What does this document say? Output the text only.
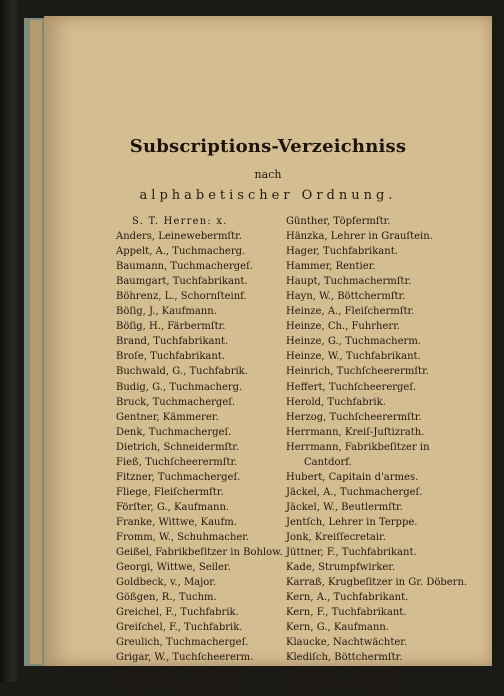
Subscriptions-Verzeichniss
nach
alphabetischer Ordnung.
S. T. Herren: x.
Anders, Leinewebermſtr.
Appelt, A., Tuchmacherg.
Baumann, Tuchmachergeſ.
Baumgart, Tuchfabrikant.
Böhrenz, L., Schornſteinf.
Böſig, J., Kaufmann.
Böſig, H., Färbermſtr.
Brand, Tuchfabrikant.
Broſe, Tuchfabrikant.
Buchwald, G., Tuchfabrik.
Budig, G., Tuchmacherg.
Bruck, Tuchmachergeſ.
Gentner, Kämmerer.
Denk, Tuchmachergeſ.
Dietrich, Schneidermſtr.
Fieß, Tuchſcheerermſtr.
Fitzner, Tuchmachergeſ.
Fliege, Fleiſchermſtr.
Förſter, G., Kaufmann.
Franke, Wittwe, Kaufm.
Fromm, W., Schuhmacher.
Geißel, Fabrikbeſitzer in Bohlow.
Georgi, Wittwe, Seiler.
Goldbeck, v., Major.
Gößgen, R., Tuchm.
Greichel, F., Tuchfabrik.
Greiſchel, F., Tuchfabrik.
Greulich, Tuchmachergeſ.
Grigar, W., Tuchſcheererm.
Großpäpſch, Schloſſermſtr.
Gündel, F., Tuchfabrikant.
Günther, Töpfermſtr.
Hänzka, Lehrer in Grauſtein.
Hager, Tuchfabrikant.
Hammer, Rentier.
Haupt, Tuchmachermſtr.
Hayn, W., Böttchermſtr.
Heinze, A., Fleiſchermſtr.
Heinze, Ch., Fuhrherr.
Heinze, G., Tuchmacherm.
Heinze, W., Tuchfabrikant.
Heinrich, Tuchſcheerermſtr.
Heffert, Tuchſcheerergeſ.
Herold, Tuchfabrik.
Herzog, Tuchſcheerermſtr.
Herrmann, Kreiſ-Juſtizrath.
Herrmann, Fabrikbeſitzer in
Cantdorf.
Hubert, Capitain d'armes.
Jäckel, A., Tuchmachergeſ.
Jäckel, W., Beutlermſtr.
Jentſch, Lehrer in Terppe.
Jonk, Kreiſſecretair.
Jüttner, F., Tuchfabrikant.
Kade, Strumpfwirker.
Karraß, Krugbeſitzer in Gr. Döbern.
Kern, A., Tuchfabrikant.
Kern, F., Tuchfabrikant.
Kern, G., Kaufmann.
Klaucke, Nachtwächter.
Klediſch, Böttchermſtr.
Kliemann, F., Tuchmſtr.
Knofius, W., Tuchfabrik.
